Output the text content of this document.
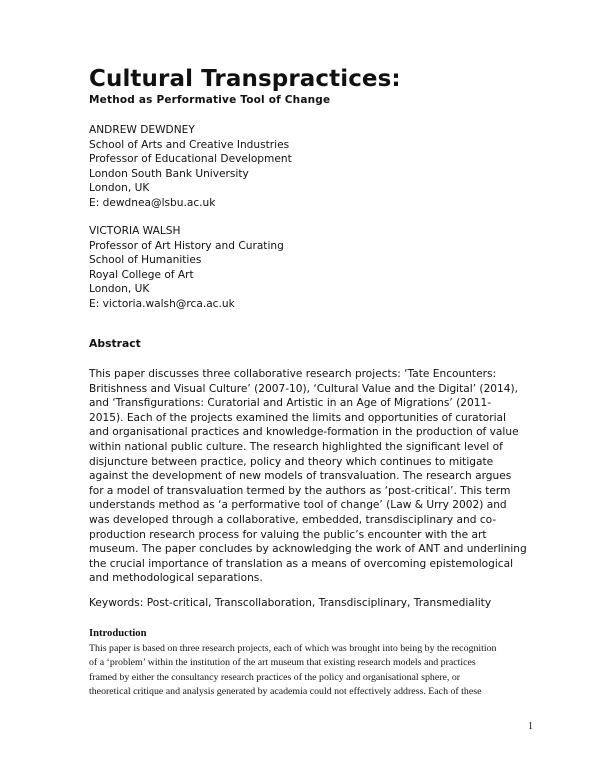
Cultural Transpractices:
Method as Performative Tool of Change
ANDREW DEWDNEY
School of Arts and Creative Industries
Professor of Educational Development
London South Bank University
London, UK
E: dewdnea@lsbu.ac.uk
VICTORIA WALSH
Professor of Art History and Curating
School of Humanities
Royal College of Art
London, UK
E: victoria.walsh@rca.ac.uk
Abstract
This paper discusses three collaborative research projects: ‘Tate Encounters:
Britishness and Visual Culture’ (2007-10), ‘Cultural Value and the Digital’ (2014),
and ‘Transfigurations: Curatorial and Artistic in an Age of Migrations’ (2011-
2015). Each of the projects examined the limits and opportunities of curatorial
and organisational practices and knowledge-formation in the production of value
within national public culture. The research highlighted the significant level of
disjuncture between practice, policy and theory which continues to mitigate
against the development of new models of transvaluation. The research argues
for a model of transvaluation termed by the authors as ‘post-critical’. This term
understands method as ‘a performative tool of change’ (Law & Urry 2002) and
was developed through a collaborative, embedded, transdisciplinary and co-
production research process for valuing the public’s encounter with the art
museum. The paper concludes by acknowledging the work of ANT and underlining
the crucial importance of translation as a means of overcoming epistemological
and methodological separations.

Keywords: Post-critical, Transcollaboration, Transdisciplinary, Transmediality

Introduction
This paper is based on three research projects, each of which was brought into being by the recognition
of a ‘problem’ within the institution of the art museum that existing research models and practices
framed by either the consultancy research practices of the policy and organisational sphere, or
theoretical critique and analysis generated by academia could not effectively address. Each of these

1
